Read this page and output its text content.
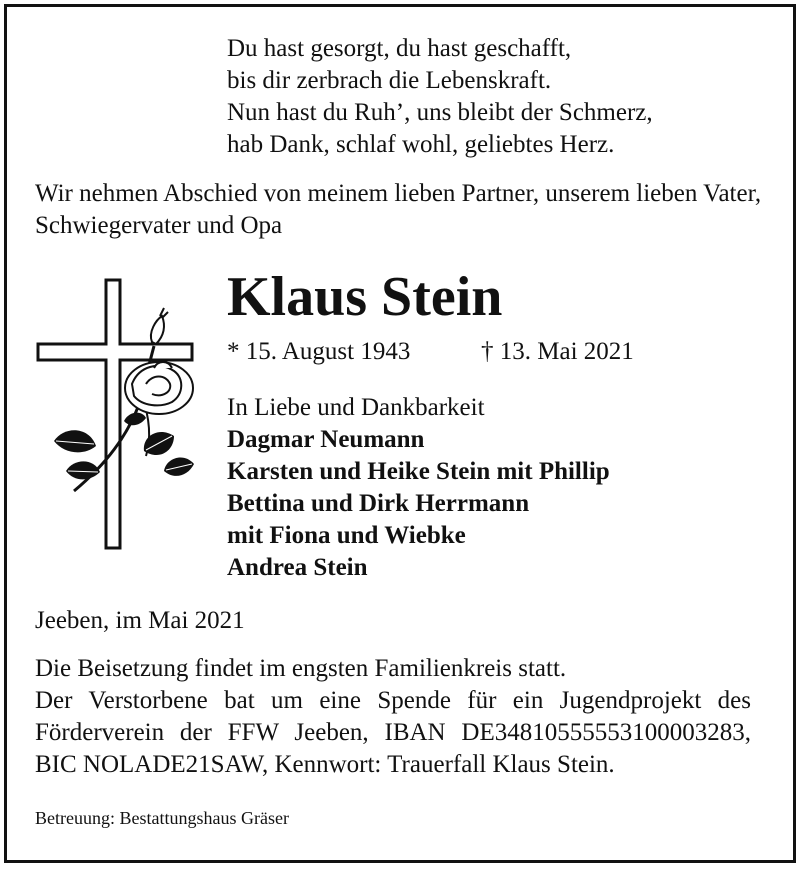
Du hast gesorgt, du hast geschafft,
bis dir zerbrach die Lebenskraft.
Nun hast du Ruh’, uns bleibt der Schmerz,
hab Dank, schlaf wohl, geliebtes Herz.
Wir nehmen Abschied von meinem lieben Partner, unserem lieben Vater, Schwiegervater und Opa
Klaus Stein
* 15. August 1943	† 13. Mai 2021
In Liebe und Dankbarkeit
Dagmar Neumann
Karsten und Heike Stein mit Phillip
Bettina und Dirk Herrmann
mit Fiona und Wiebke
Andrea Stein
Jeeben, im Mai 2021
Die Beisetzung findet im engsten Familienkreis statt.
Der Verstorbene bat um eine Spende für ein Jugendprojekt des
Förderverein der FFW Jeeben, IBAN DE34810555553100003283,
BIC NOLADE21SAW, Kennwort: Trauerfall Klaus Stein.
Betreuung: Bestattungshaus Gräser
